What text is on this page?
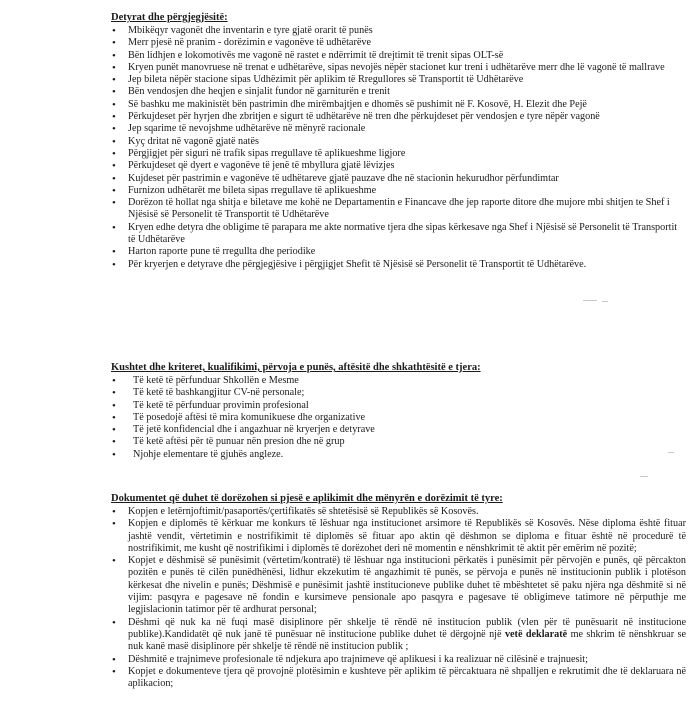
Detyrat dhe përgjegjësitë:
• Mbikëqyr vagonët dhe inventarin e tyre gjatë orarit të punës
• Merr pjesë në pranim - dorëzimin e vagonëve të udhëtarëve
• Bën lidhjen e lokomotivës me vagonë në rastet e ndërrimit të drejtimit të trenit sipas OLT-së
• Kryen punët manovruese në trenat e udhëtarëve, sipas nevojës nëpër stacionet kur treni i udhëtarëve merr dhe lë vagonë të mallrave
• Jep bileta nëpër stacione sipas Udhëzimit për aplikim të Rregullores së Transportit të Udhëtarëve
• Bën vendosjen dhe heqjen e sinjalit fundor në garniturën e trenit
• Së bashku me makinistët bën pastrimin dhe mirëmbajtjen e dhomës së pushimit në F. Kosovë, H. Elezit dhe Pejë
• Përkujdeset për hyrjen dhe zbritjen e sigurt të udhëtarëve në tren dhe përkujdeset për vendosjen e tyre nëpër vagonë
• Jep sqarime të nevojshme udhëtarëve në mënyrë racionale
• Kyç dritat në vagonë gjatë natës
• Përgjigjet për siguri në trafik sipas rregullave të aplikueshme ligjore
• Përkujdeset që dyert e vagonëve të jenë të mbyllura gjatë lëvizjes
• Kujdeset për pastrimin e vagonëve të udhëtareve gjatë pauzave dhe në stacionin hekurudhor përfundimtar
• Furnizon udhëtarët me bileta sipas rregullave të aplikueshme
• Dorëzon të hollat nga shitja e biletave me kohë ne Departamentin e Financave dhe jep raporte ditore dhe mujore mbi shitjen te Shef i Njësisë së Personelit të Transportit të Udhëtarëve
• Kryen edhe detyra dhe obligime të parapara me akte normative tjera dhe sipas kërkesave nga Shef i Njësisë së Personelit të Transportit të Udhëtarëve
• Harton raporte pune të rregullta dhe periodike
• Për kryerjen e detyrave dhe përgjegjësive i përgjigjet Shefit të Njësisë së Personelit të Transportit të Udhëtarëve.
Kushtet dhe kriteret, kualifikimi, përvoja e punës, aftësitë dhe shkathtësitë e tjera:
• Të ketë të përfunduar Shkollën e Mesme
• Të ketë të bashkangjitur CV-në personale;
• Të ketë të përfunduar provimin profesional
• Të posedojë aftësi të mira komunikuese dhe organizative
• Të jetë konfidencial dhe i angazhuar në kryerjen e detyrave
• Të ketë aftësi për të punuar nën presion dhe në grup
• Njohje elementare të gjuhës angleze.
Dokumentet që duhet të dorëzohen si pjesë e aplikimit dhe mënyrën e dorëzimit të tyre:
• Kopjen e letërnjoftimit/pasaportës/çertifikatës së shtetësisë së Republikës së Kosovës.
• Kopjen e diplomës të kërkuar me konkurs të lëshuar nga institucionet arsimore të Republikës së Kosovës. Nëse diploma është fituar jashtë vendit, vërtetimin e nostrifikimit të diplomës së fituar apo aktin që dëshmon se diploma e fituar është në procedurë të nostrifikimit, me kusht që nostrifikimi i diplomës të dorëzohet deri në momentin e nënshkrimit të aktit për emërim në pozitë;
• Kopjet e dëshmisë së punësimit (vërtetim/kontratë) të lëshuar nga institucioni përkatës i punësimit për përvojën e punës, që përcakton pozitën e punës të cilën punëdhënësi, lidhur ekzekutim të angazhimit të punës, se përvoja e punës në institucionin publik i plotëson kërkesat dhe nivelin e punës; Dëshmisë e punësimit jashtë institucioneve publike duhet të mbështetet së paku njëra nga dëshmitë si në vijim: pasqyra e pagesave në fondin e kursimeve pensionale apo pasqyra e pagesave të obligimeve tatimore në përputhje me legjislacionin tatimor për të ardhurat personal;
• Dëshmi që nuk ka në fuqi masë disiplinore për shkelje të rëndë në institucion publik (vlen për të punësuarit në institucione publike).Kandidatët që nuk janë të punësuar në institucione publike duhet të dërgojnë një vetë deklaratë me shkrim të nënshkruar se nuk kanë masë disiplinore për shkelje të rëndë në institucion publik ;
• Dëshmitë e trajnimeve profesionale të ndjekura apo trajnimeve që aplikuesi i ka realizuar në cilësinë e trajnuesit;
• Kopjet e dokumenteve tjera që provojnë plotësimin e kushteve për aplikim të përcaktuara në shpalljen e rekrutimit dhe të deklaruara në aplikacion;
